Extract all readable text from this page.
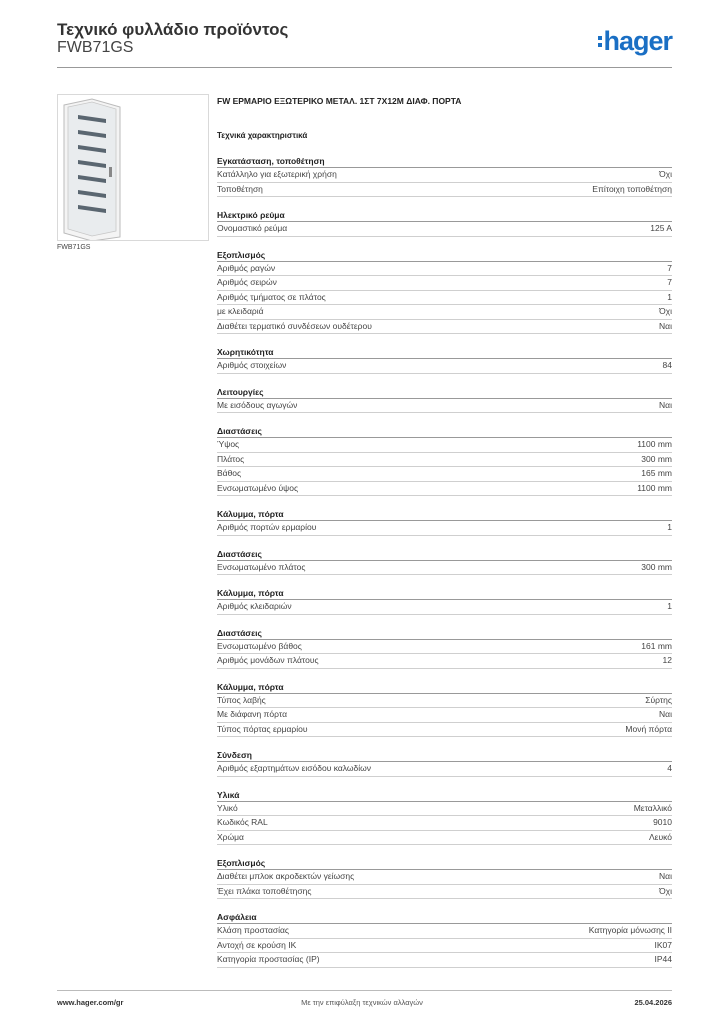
Τεχνικό φυλλάδιο προϊόντος
FWB71GS	hager
FWB71GS
FW ΕΡΜΑΡΙΟ ΕΞΩΤΕΡΙΚΟ ΜΕΤΑΛ. 1ΣΤ 7X12M ΔΙΑΦ. ΠΟΡΤΑ
Τεχνικά χαρακτηριστικά
Εγκατάσταση, τοποθέτηση
Κατάλληλο για εξωτερική χρήση	Όχι
Τοποθέτηση	Επίτοιχη τοποθέτηση
Ηλεκτρικό ρεύμα
Ονομαστικό ρεύμα	125 A
Εξοπλισμός
Αριθμός ραγών	7
Αριθμός σειρών	7
Αριθμός τμήματος σε πλάτος	1
με κλειδαριά	Όχι
Διαθέτει τερματικό συνδέσεων ουδέτερου	Ναι
Χωρητικότητα
Αριθμός στοιχείων	84
Λειτουργίες
Με εισόδους αγωγών	Ναι
Διαστάσεις
Ύψος	1100 mm
Πλάτος	300 mm
Βάθος	165 mm
Ενσωματωμένο ύψος	1100 mm
Κάλυμμα, πόρτα
Αριθμός πορτών ερμαρίου	1
Διαστάσεις
Ενσωματωμένο πλάτος	300 mm
Κάλυμμα, πόρτα
Αριθμός κλειδαριών	1
Διαστάσεις
Ενσωματωμένο βάθος	161 mm
Αριθμός μονάδων πλάτους	12
Κάλυμμα, πόρτα
Τύπος λαβής	Σύρτης
Με διάφανη πόρτα	Ναι
Τύπος πόρτας ερμαρίου	Μονή πόρτα
Σύνδεση
Αριθμός εξαρτημάτων εισόδου καλωδίων	4
Υλικά
Υλικό	Μεταλλικό
Κωδικός RAL	9010
Χρώμα	Λευκό
Εξοπλισμός
Διαθέτει μπλοκ ακροδεκτών γείωσης	Ναι
Έχει πλάκα τοποθέτησης	Όχι
Ασφάλεια
Κλάση προστασίας	Κατηγορία μόνωσης II
Αντοχή σε κρούση IK	IK07
Κατηγορία προστασίας (IP)	IP44
www.hager.com/gr	Με την επιφύλαξη τεχνικών αλλαγών	25.04.2026
